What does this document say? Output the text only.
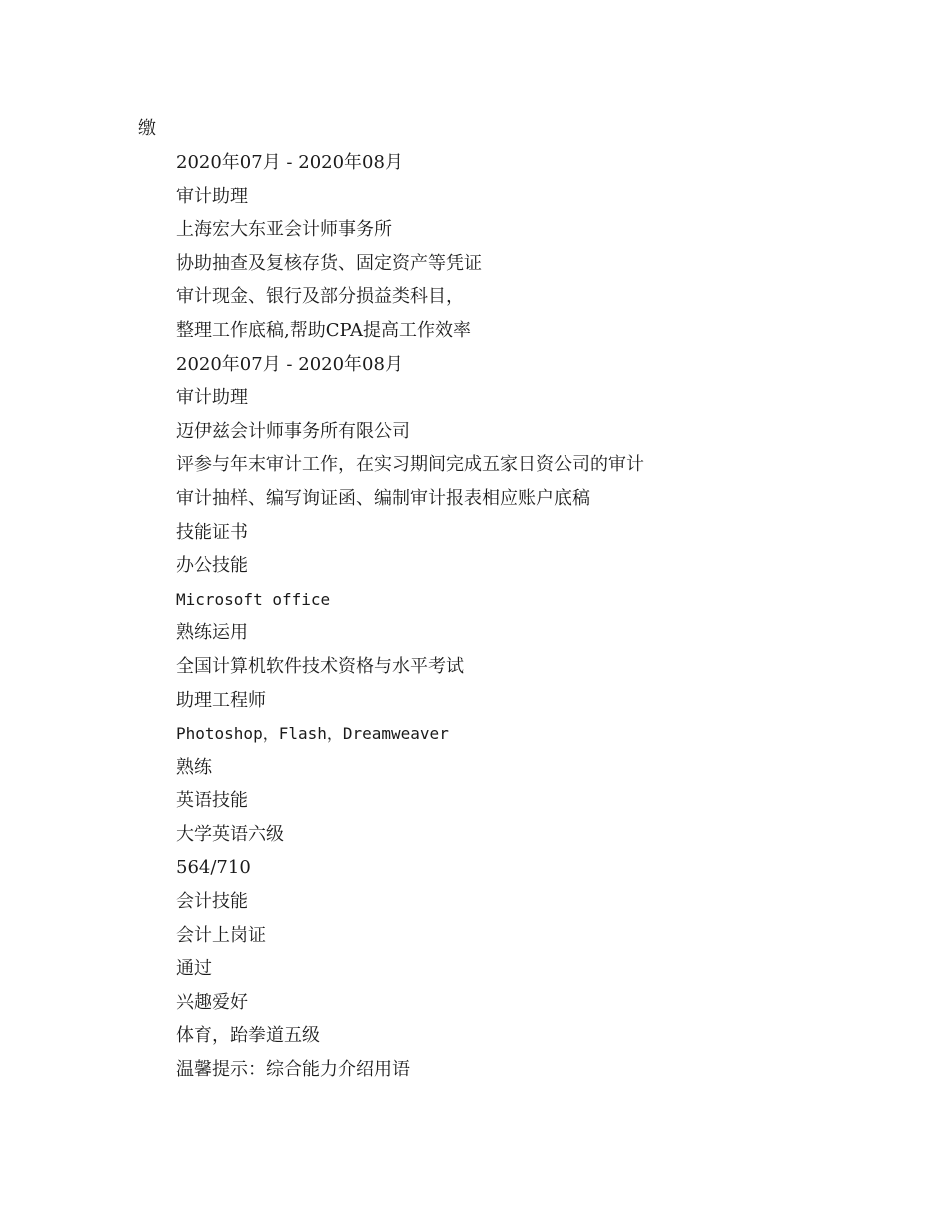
缴
2020年07月 - 2020年08月
审计助理
上海宏大东亚会计师事务所
协助抽查及复核存货、固定资产等凭证
审计现金、银行及部分损益类科目，
整理工作底稿,帮助CPA提高工作效率
2020年07月 - 2020年08月
审计助理
迈伊兹会计师事务所有限公司
评参与年末审计工作，在实习期间完成五家日资公司的审计
审计抽样、编写询证函、编制审计报表相应账户底稿
技能证书
办公技能
Microsoft office
熟练运用
全国计算机软件技术资格与水平考试
助理工程师
Photoshop，Flash，Dreamweaver
熟练
英语技能
大学英语六级
564/710
会计技能
会计上岗证
通过
兴趣爱好
体育，跆拳道五级
温馨提示：综合能力介绍用语
